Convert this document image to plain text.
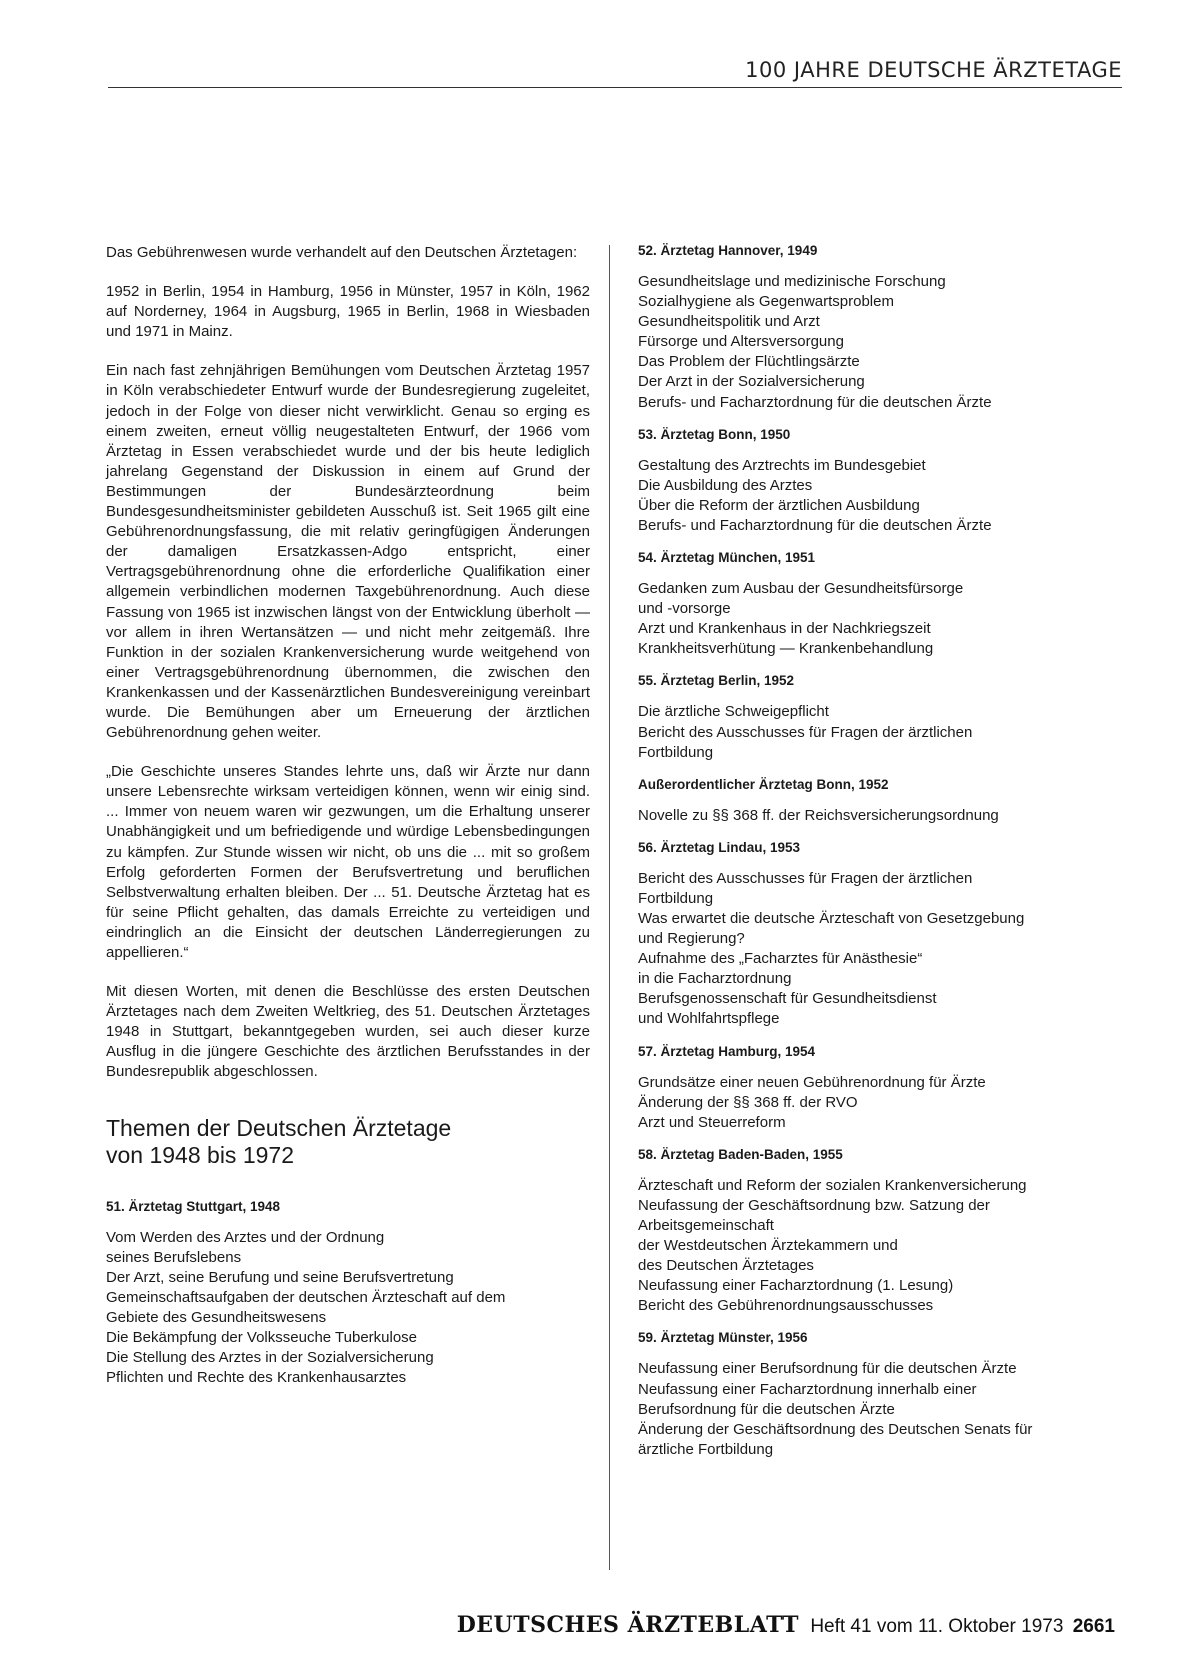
100 JAHRE DEUTSCHE ÄRZTETAGE

Das Gebührenwesen wurde verhandelt auf den Deutschen Ärztetagen:

1952 in Berlin, 1954 in Hamburg, 1956 in Münster, 1957 in Köln, 1962 auf Norderney, 1964 in Augsburg, 1965 in Berlin, 1968 in Wiesbaden und 1971 in Mainz.

Ein nach fast zehnjährigen Bemühungen vom Deutschen Ärztetag 1957 in Köln verabschiedeter Entwurf wurde der Bundesregierung zugeleitet, jedoch in der Folge von dieser nicht verwirklicht. Genau so erging es einem zweiten, erneut völlig neugestalteten Entwurf, der 1966 vom Ärztetag in Essen verabschiedet wurde und der bis heute lediglich jahrelang Gegenstand der Diskussion in einem auf Grund der Bestimmungen der Bundesärzteordnung beim Bundesgesundheitsminister gebildeten Ausschuß ist. Seit 1965 gilt eine Gebührenordnungsfassung, die mit relativ geringfügigen Änderungen der damaligen Ersatzkassen-Adgo entspricht, einer Vertragsgebührenordnung ohne die erforderliche Qualifikation einer allgemein verbindlichen modernen Taxgebührenordnung. Auch diese Fassung von 1965 ist inzwischen längst von der Entwicklung überholt — vor allem in ihren Wertansätzen — und nicht mehr zeitgemäß. Ihre Funktion in der sozialen Krankenversicherung wurde weitgehend von einer Vertragsgebührenordnung übernommen, die zwischen den Krankenkassen und der Kassenärztlichen Bundesvereinigung vereinbart wurde. Die Bemühungen aber um Erneuerung der ärztlichen Gebührenordnung gehen weiter.

„Die Geschichte unseres Standes lehrte uns, daß wir Ärzte nur dann unsere Lebensrechte wirksam verteidigen können, wenn wir einig sind. ... Immer von neuem waren wir gezwungen, um die Erhaltung unserer Unabhängigkeit und um befriedigende und würdige Lebensbedingungen zu kämpfen. Zur Stunde wissen wir nicht, ob uns die ... mit so großem Erfolg geforderten Formen der Berufsvertretung und beruflichen Selbstverwaltung erhalten bleiben. Der ... 51. Deutsche Ärztetag hat es für seine Pflicht gehalten, das damals Erreichte zu verteidigen und eindringlich an die Einsicht der deutschen Länderregierungen zu appellieren.“

Mit diesen Worten, mit denen die Beschlüsse des ersten Deutschen Ärztetages nach dem Zweiten Weltkrieg, des 51. Deutschen Ärztetages 1948 in Stuttgart, bekanntgegeben wurden, sei auch dieser kurze Ausflug in die jüngere Geschichte des ärztlichen Berufsstandes in der Bundesrepublik abgeschlossen.

Themen der Deutschen Ärztetage
von 1948 bis 1972
51. Ärztetag Stuttgart, 1948
Vom Werden des Arztes und der Ordnung
seines Berufslebens
Der Arzt, seine Berufung und seine Berufsvertretung
Gemeinschaftsaufgaben der deutschen Ärzteschaft auf dem
Gebiete des Gesundheitswesens
Die Bekämpfung der Volksseuche Tuberkulose
Die Stellung des Arztes in der Sozialversicherung
Pflichten und Rechte des Krankenhausarztes
52. Ärztetag Hannover, 1949
Gesundheitslage und medizinische Forschung
Sozialhygiene als Gegenwartsproblem
Gesundheitspolitik und Arzt
Fürsorge und Altersversorgung
Das Problem der Flüchtlingsärzte
Der Arzt in der Sozialversicherung
Berufs- und Facharztordnung für die deutschen Ärzte
53. Ärztetag Bonn, 1950
Gestaltung des Arztrechts im Bundesgebiet
Die Ausbildung des Arztes
Über die Reform der ärztlichen Ausbildung
Berufs- und Facharztordnung für die deutschen Ärzte
54. Ärztetag München, 1951
Gedanken zum Ausbau der Gesundheitsfürsorge
und -vorsorge
Arzt und Krankenhaus in der Nachkriegszeit
Krankheitsverhütung — Krankenbehandlung
55. Ärztetag Berlin, 1952
Die ärztliche Schweigepflicht
Bericht des Ausschusses für Fragen der ärztlichen
Fortbildung
Außerordentlicher Ärztetag Bonn, 1952
Novelle zu §§ 368 ff. der Reichsversicherungsordnung
56. Ärztetag Lindau, 1953
Bericht des Ausschusses für Fragen der ärztlichen
Fortbildung
Was erwartet die deutsche Ärzteschaft von Gesetzgebung
und Regierung?
Aufnahme des „Facharztes für Anästhesie“
in die Facharztordnung
Berufsgenossenschaft für Gesundheitsdienst
und Wohlfahrtspflege
57. Ärztetag Hamburg, 1954
Grundsätze einer neuen Gebührenordnung für Ärzte
Änderung der §§ 368 ff. der RVO
Arzt und Steuerreform
58. Ärztetag Baden-Baden, 1955
Ärzteschaft und Reform der sozialen Krankenversicherung
Neufassung der Geschäftsordnung bzw. Satzung der Arbeitsgemeinschaft
der Westdeutschen Ärztekammern und
des Deutschen Ärztetages
Neufassung einer Facharztordnung (1. Lesung)
Bericht des Gebührenordnungsausschusses
59. Ärztetag Münster, 1956
Neufassung einer Berufsordnung für die deutschen Ärzte
Neufassung einer Facharztordnung innerhalb einer
Berufsordnung für die deutschen Ärzte
Änderung der Geschäftsordnung des Deutschen Senats für
ärztliche Fortbildung
DEUTSCHES ÄRZTEBLATT Heft 41 vom 11. Oktober 1973 2661
